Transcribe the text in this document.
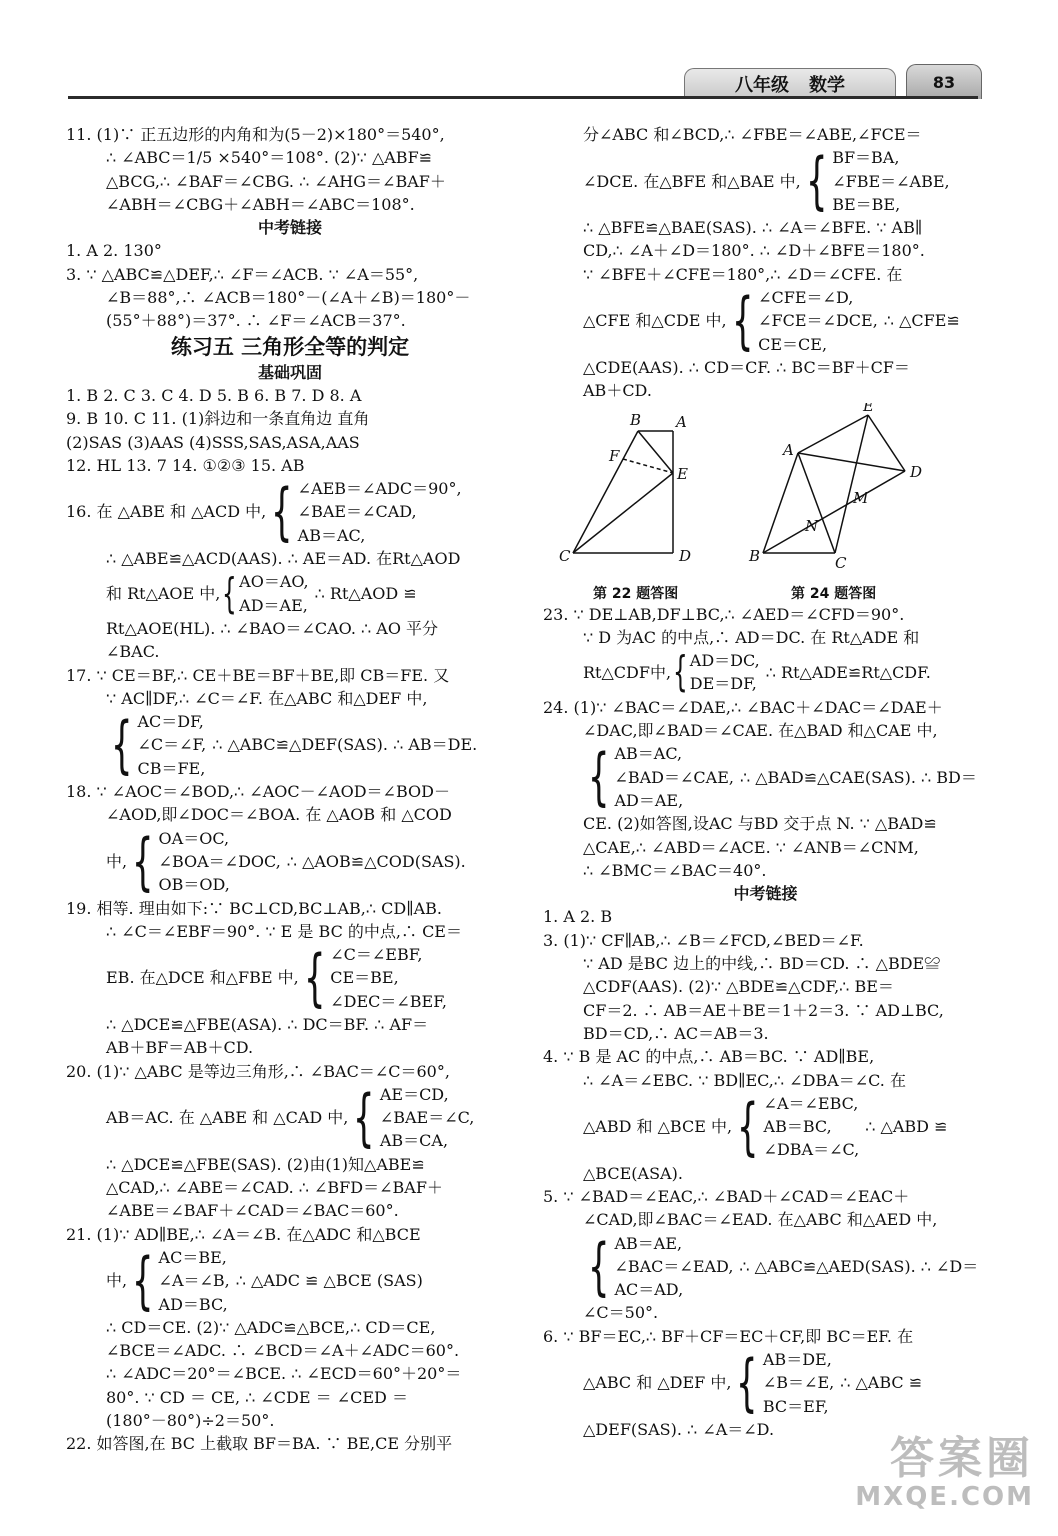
八年级 数学	83
11. (1)∵ 正五边形的内角和为(5－2)×180°＝540°,
∴ ∠ABC＝1/5 ×540°＝108°. (2)∵ △ABF≌
△BCG,∴ ∠BAF＝∠CBG. ∴ ∠AHG＝∠BAF＋
∠ABH＝∠CBG＋∠ABH＝∠ABC＝108°.
中考链接
1. A 2. 130°
3. ∵ △ABC≌△DEF,∴ ∠F＝∠ACB. ∵ ∠A＝55°,
∠B＝88°,∴ ∠ACB＝180°－(∠A＋∠B)＝180°－
(55°＋88°)＝37°. ∴ ∠F＝∠ACB＝37°.
练习五 三角形全等的判定
基础巩固
1. B 2. C 3. C 4. D 5. B 6. B 7. D 8. A
9. B 10. C 11. (1)斜边和一条直角边 直角
(2)SAS (3)AAS (4)SSS,SAS,ASA,AAS
12. HL 13. 7 14. ①②③ 15. AB
16. 在 △ABE 和 △ACD 中, { ∠AEB＝∠ADC＝90°,
∠BAE＝∠CAD,
AB＝AC,
∴ △ABE≌△ACD(AAS). ∴ AE＝AD. 在Rt△AOD
和 Rt△AOE 中, { AO＝AO,
AD＝AE,
∴ Rt△AOD ≌
Rt△AOE(HL). ∴ ∠BAO＝∠CAO. ∴ AO 平分
∠BAC.
17. ∵ CE＝BF,∴ CE＋BE＝BF＋BE,即 CB＝FE. 又
∵ AC∥DF,∴ ∠C＝∠F. 在△ABC 和△DEF 中,
{ AC＝DF,
∠C＝∠F,
CB＝FE,
∴ △ABC≌△DEF(SAS). ∴ AB＝DE.
18. ∵ ∠AOC＝∠BOD,∴ ∠AOC－∠AOD＝∠BOD－
∠AOD,即∠DOC＝∠BOA. 在 △AOB 和 △COD
中, { OA＝OC,
∠BOA＝∠DOC,
OB＝OD,
∴ △AOB≌△COD(SAS).
19. 相等. 理由如下:∵ BC⊥CD,BC⊥AB,∴ CD∥AB.
∴ ∠C＝∠EBF＝90°. ∵ E 是 BC 的中点,∴ CE＝
EB. 在△DCE 和△FBE 中, { ∠C＝∠EBF,
CE＝BE,
∠DEC＝∠BEF,
∴ △DCE≌△FBE(ASA). ∴ DC＝BF. ∴ AF＝
AB＋BF＝AB＋CD.
20. (1)∵ △ABC 是等边三角形,∴ ∠BAC＝∠C＝60°,
AB＝AC. 在 △ABE 和 △CAD 中, { AE＝CD,
∠BAE＝∠C,
AB＝CA,
∴ △DCE≌△FBE(SAS). (2)由(1)知△ABE≌
△CAD,∴ ∠ABE＝∠CAD. ∴ ∠BFD＝∠BAF＋
∠ABE＝∠BAF＋∠CAD＝∠BAC＝60°.
21. (1)∵ AD∥BE,∴ ∠A＝∠B. 在△ADC 和△BCE
中, { AC＝BE,
∠A＝∠B,
AD＝BC,
∴ △ADC ≌ △BCE (SAS)
∴ CD＝CE. (2)∵ △ADC≌△BCE,∴ CD＝CE,
∠BCE＝∠ADC. ∴ ∠BCD＝∠A＋∠ADC＝60°.
∴ ∠ADC＝20°＝∠BCE. ∴ ∠ECD＝60°＋20°＝
80°. ∵ CD ＝ CE, ∴ ∠CDE ＝ ∠CED ＝
(180°－80°)÷2＝50°.
22. 如答图,在 BC 上截取 BF＝BA. ∵ BE,CE 分别平
分∠ABC 和∠BCD,∴ ∠FBE＝∠ABE,∠FCE＝
∠DCE. 在△BFE 和△BAE 中, { BF＝BA,
∠FBE＝∠ABE,
BE＝BE,
∴ △BFE≌△BAE(SAS). ∴ ∠A＝∠BFE. ∵ AB∥
CD,∴ ∠A＋∠D＝180°. ∴ ∠D＋∠BFE＝180°.
∵ ∠BFE＋∠CFE＝180°,∴ ∠D＝∠CFE. 在
△CFE 和△CDE 中, { ∠CFE＝∠D,
∠FCE＝∠DCE,
CE＝CE,
∴ △CFE≌
△CDE(AAS). ∴ CD＝CF. ∴ BC＝BF＋CF＝
AB＋CD.
B A
F
E
C	D
E
A
D
M
N
B	C
第 22 题答图	第 24 题答图
23. ∵ DE⊥AB,DF⊥BC,∴ ∠AED＝∠CFD＝90°.
∵ D 为AC 的中点,∴ AD＝DC. 在 Rt△ADE 和
Rt△CDF中, { AD＝DC,
DE＝DF,
∴ Rt△ADE≌Rt△CDF.
24. (1)∵ ∠BAC＝∠DAE,∴ ∠BAC＋∠DAC＝∠DAE＋
∠DAC,即∠BAD＝∠CAE. 在△BAD 和△CAE 中,
{ AB＝AC,
∠BAD＝∠CAE,
AD＝AE,
∴ △BAD≌△CAE(SAS). ∴ BD＝
CE. (2)如答图,设AC 与BD 交于点 N. ∵ △BAD≌
△CAE,∴ ∠ABD＝∠ACE. ∵ ∠ANB＝∠CNM,
∴ ∠BMC＝∠BAC＝40°.
中考链接
1. A 2. B
3. (1)∵ CF∥AB,∴ ∠B＝∠FCD,∠BED＝∠F.
∵ AD 是BC 边上的中线,∴ BD＝CD. ∴ △BDE≌
△CDF(AAS). (2)∵ △BDE≌△CDF,∴ BE＝
CF＝2. ∴ AB＝AE＋BE＝1＋2＝3. ∵ AD⊥BC,
BD＝CD,∴ AC＝AB＝3.
4. ∵ B 是 AC 的中点,∴ AB＝BC. ∵ AD∥BE,
∴ ∠A＝∠EBC. ∵ BD∥EC,∴ ∠DBA＝∠C. 在
△ABD 和 △BCE 中, { ∠A＝∠EBC,
AB＝BC,
∠DBA＝∠C,
∴ △ABD ≌
△BCE(ASA).
5. ∵ ∠BAD＝∠EAC,∴ ∠BAD＋∠CAD＝∠EAC＋
∠CAD,即∠BAC＝∠EAD. 在△ABC 和△AED 中,
{ AB＝AE,
∠BAC＝∠EAD,
AC＝AD,
∴ △ABC≌△AED(SAS). ∴ ∠D＝
∠C＝50°.
6. ∵ BF＝EC,∴ BF＋CF＝EC＋CF,即 BC＝EF. 在
△ABC 和 △DEF 中, { AB＝DE,
∠B＝∠E,
BC＝EF,
∴ △ABC ≌
△DEF(SAS). ∴ ∠A＝∠D.
答案圈
MXQE.COM
